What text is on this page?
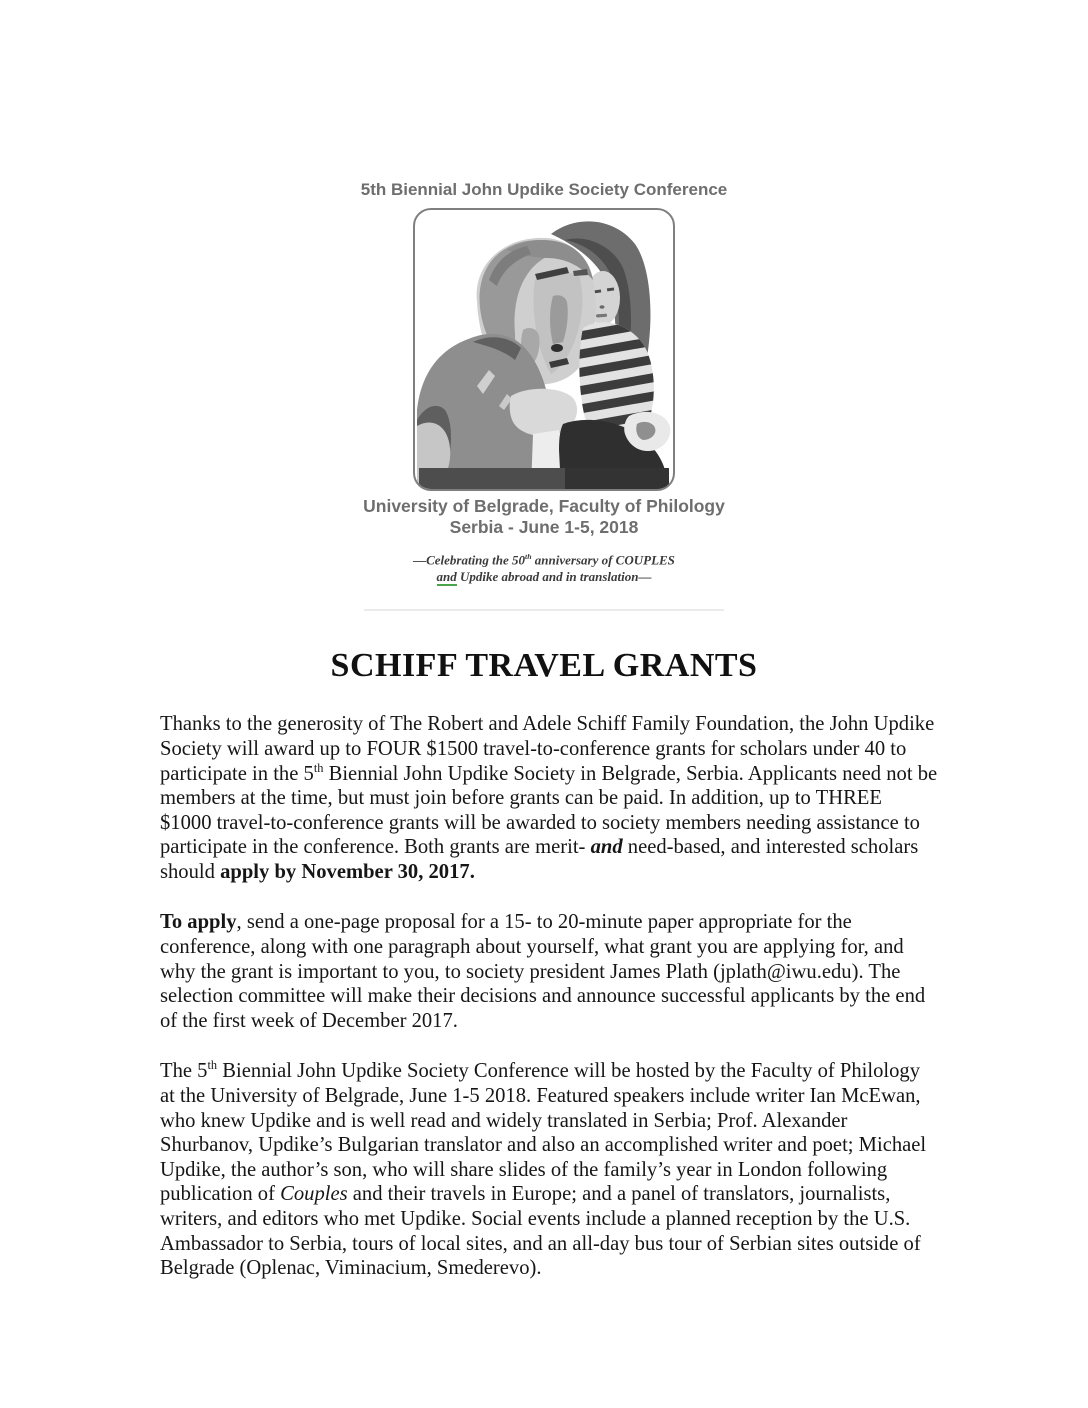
5th Biennial John Updike Society Conference
University of Belgrade, Faculty of Philology
Serbia - June 1-5, 2018
—Celebrating the 50th anniversary of COUPLES
and Updike abroad and in translation—
SCHIFF TRAVEL GRANTS

Thanks to the generosity of The Robert and Adele Schiff Family Foundation, the John Updike Society will award up to FOUR $1500 travel-to-conference grants for scholars under 40 to participate in the 5th Biennial John Updike Society in Belgrade, Serbia. Applicants need not be members at the time, but must join before grants can be paid. In addition, up to THREE $1000 travel-to-conference grants will be awarded to society members needing assistance to participate in the conference. Both grants are merit- and need-based, and interested scholars should apply by November 30, 2017.

To apply, send a one-page proposal for a 15- to 20-minute paper appropriate for the conference, along with one paragraph about yourself, what grant you are applying for, and why the grant is important to you, to society president James Plath (jplath@iwu.edu). The selection committee will make their decisions and announce successful applicants by the end of the first week of December 2017.

The 5th Biennial John Updike Society Conference will be hosted by the Faculty of Philology at the University of Belgrade, June 1-5 2018. Featured speakers include writer Ian McEwan, who knew Updike and is well read and widely translated in Serbia; Prof. Alexander Shurbanov, Updike’s Bulgarian translator and also an accomplished writer and poet; Michael Updike, the author’s son, who will share slides of the family’s year in London following publication of Couples and their travels in Europe; and a panel of translators, journalists, writers, and editors who met Updike. Social events include a planned reception by the U.S. Ambassador to Serbia, tours of local sites, and an all-day bus tour of Serbian sites outside of Belgrade (Oplenac, Viminacium, Smederevo).
